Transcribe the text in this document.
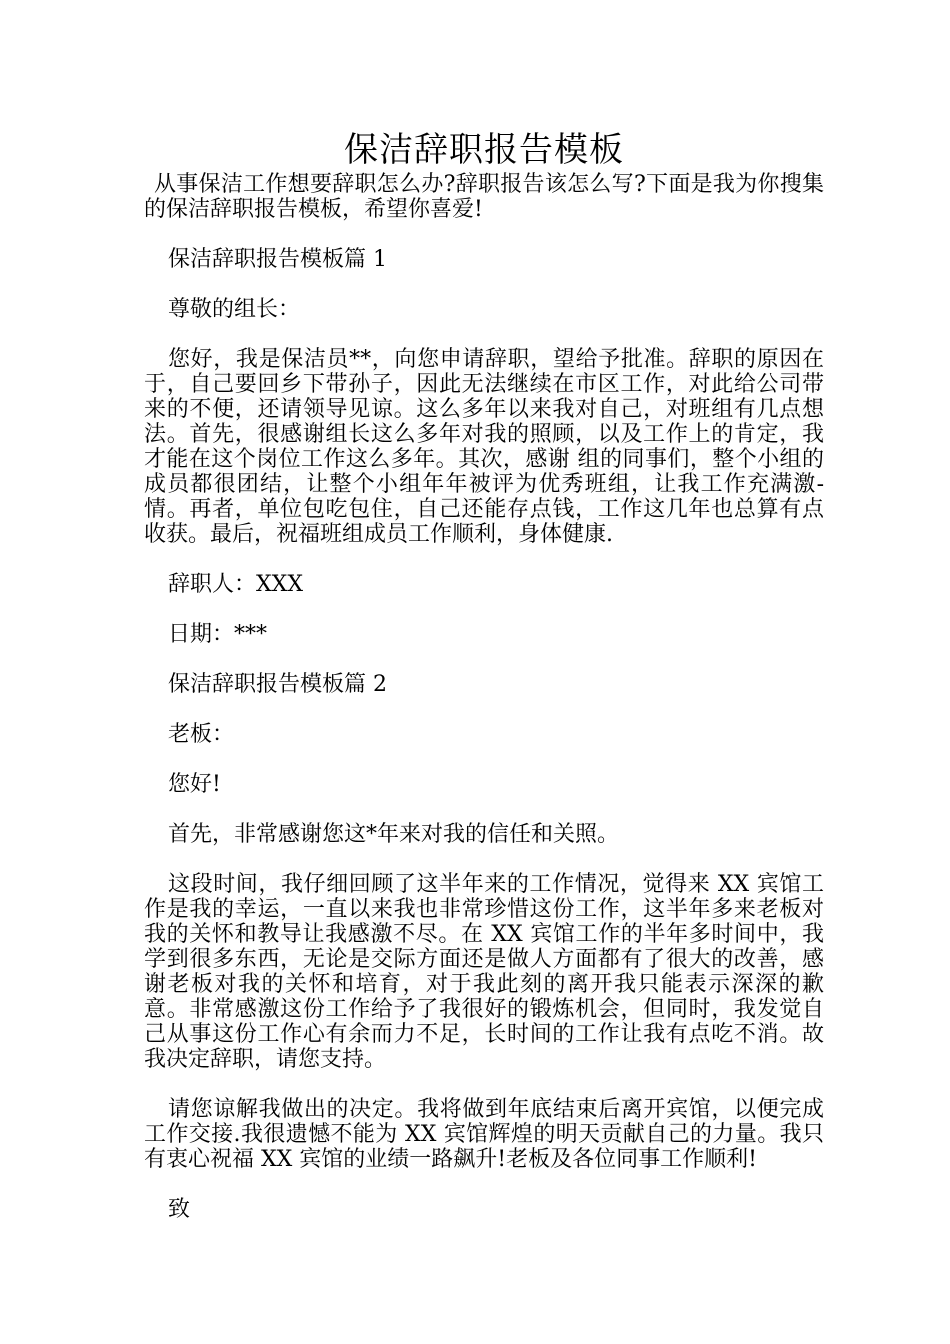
保洁辞职报告模板

从事保洁工作想要辞职怎么办?辞职报告该怎么写?下面是我为你搜集的保洁辞职报告模板，希望你喜爱!

保洁辞职报告模板篇 1

尊敬的组长：

您好，我是保洁员**，向您申请辞职，望给予批准。辞职的原因在于，自己要回乡下带孙子，因此无法继续在市区工作，对此给公司带来的不便，还请领导见谅。这么多年以来我对自己，对班组有几点想法。首先，很感谢组长这么多年对我的照顾，以及工作上的肯定，我才能在这个岗位工作这么多年。其次，感谢 组的同事们，整个小组的成员都很团结，让整个小组年年被评为优秀班组，让我工作充满激-情。再者，单位包吃包住，自己还能存点钱，工作这几年也总算有点收获。最后，祝福班组成员工作顺利，身体健康.

辞职人：XXX

日期：***

保洁辞职报告模板篇 2

老板：

您好!

首先，非常感谢您这*年来对我的信任和关照。

这段时间，我仔细回顾了这半年来的工作情况，觉得来 XX 宾馆工作是我的幸运，一直以来我也非常珍惜这份工作，这半年多来老板对我的关怀和教导让我感激不尽。在 XX 宾馆工作的半年多时间中，我学到很多东西，无论是交际方面还是做人方面都有了很大的改善，感谢老板对我的关怀和培育，对于我此刻的离开我只能表示深深的歉意。非常感激这份工作给予了我很好的锻炼机会，但同时，我发觉自己从事这份工作心有余而力不足，长时间的工作让我有点吃不消。故我决定辞职，请您支持。

请您谅解我做出的决定。我将做到年底结束后离开宾馆，以便完成工作交接.我很遗憾不能为 XX 宾馆辉煌的明天贡献自己的力量。我只有衷心祝福 XX 宾馆的业绩一路飙升!老板及各位同事工作顺利!

致
